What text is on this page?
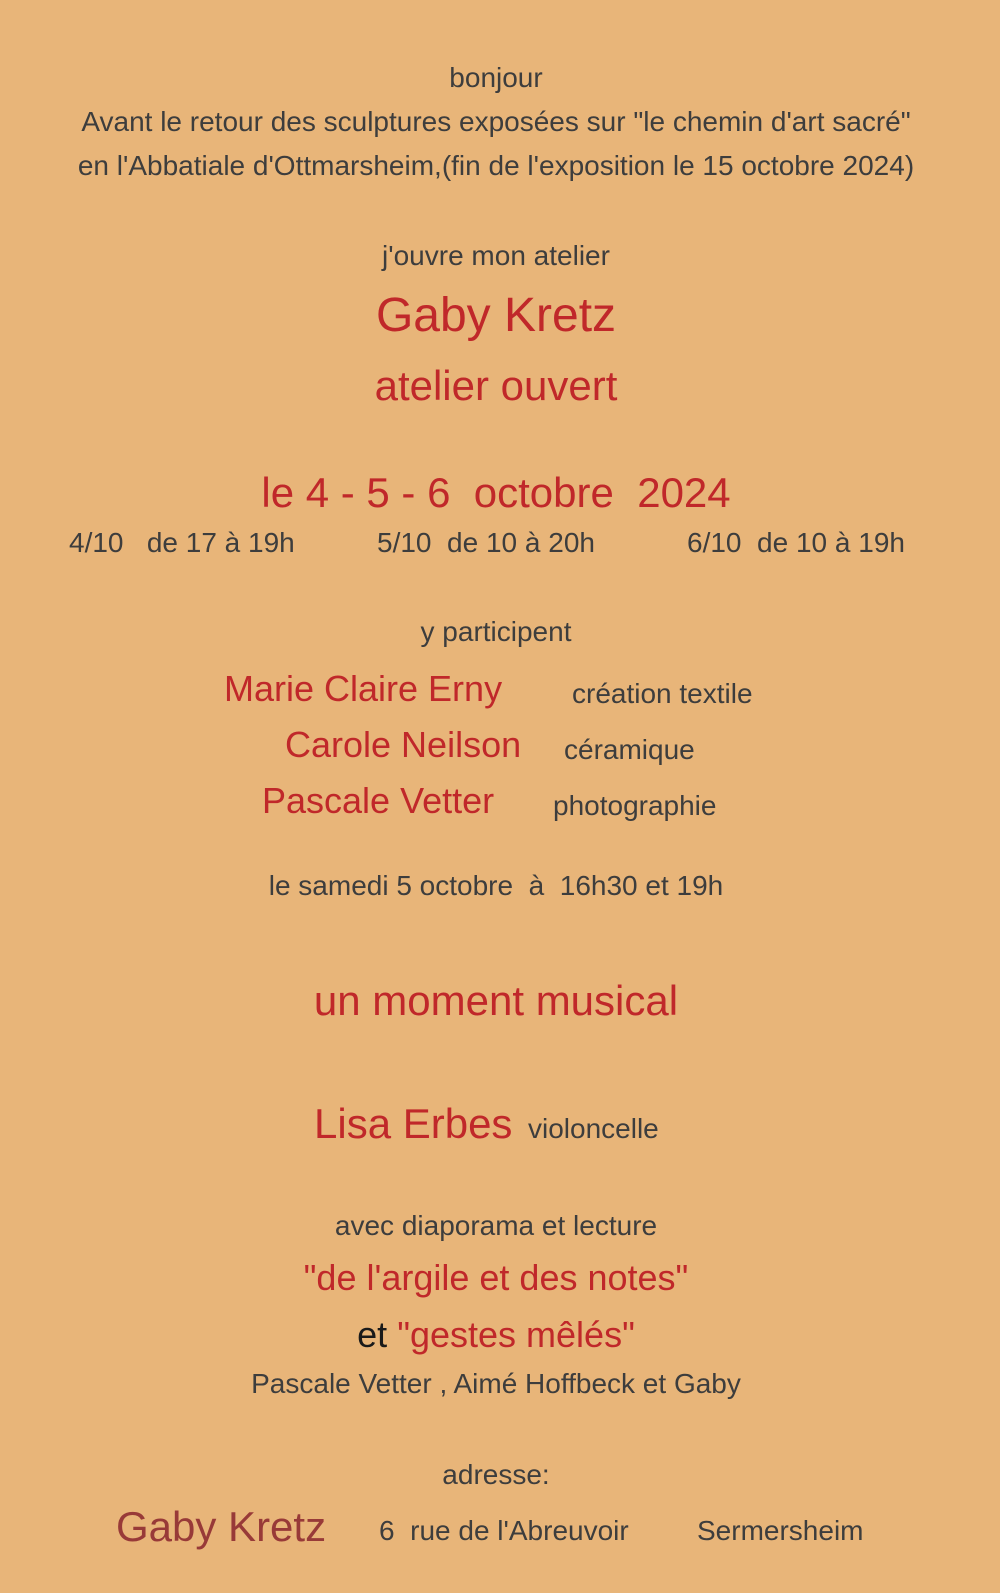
bonjour
Avant le retour des sculptures exposées sur "le chemin d'art sacré"
en l'Abbatiale d'Ottmarsheim,(fin de l'exposition le 15 octobre 2024)
j'ouvre mon atelier
Gaby Kretz
atelier ouvert
le 4 - 5 - 6  octobre  2024
4/10   de 17 à 19h	5/10  de 10 à 20h	6/10  de 10 à 19h
y participent
Marie Claire Erny création textile
Carole Neilson céramique
Pascale Vetter photographie
le samedi 5 octobre  à  16h30 et 19h
un moment musical
Lisa Erbes violoncelle
avec diaporama et lecture
"de l'argile et des notes"
et "gestes mêlés"
Pascale Vetter , Aimé Hoffbeck et Gaby
adresse:
Gaby Kretz 6  rue de l'Abreuvoir Sermersheim
